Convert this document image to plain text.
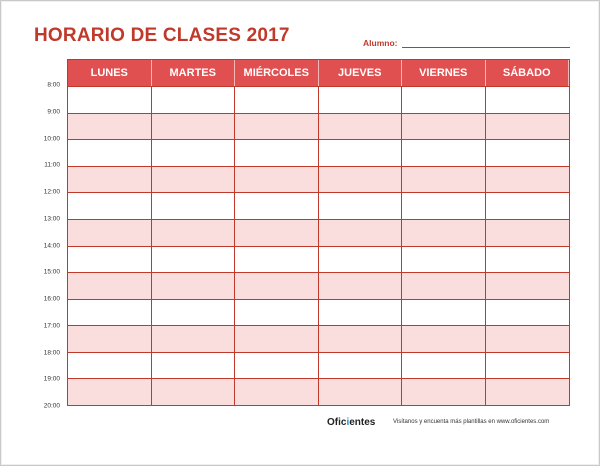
HORARIO DE CLASES 2017	Alumno:
8:00
9:00
10:00
11:00
12:00
13:00
14:00
15:00
16:00
17:00
18:00
19:00
20:00
LUNES	MARTES	MIÉRCOLES	JUEVES	VIERNES	SÁBADO
Oficientes	Visítanos y encuenta más plantillas en www.oficientes.com
